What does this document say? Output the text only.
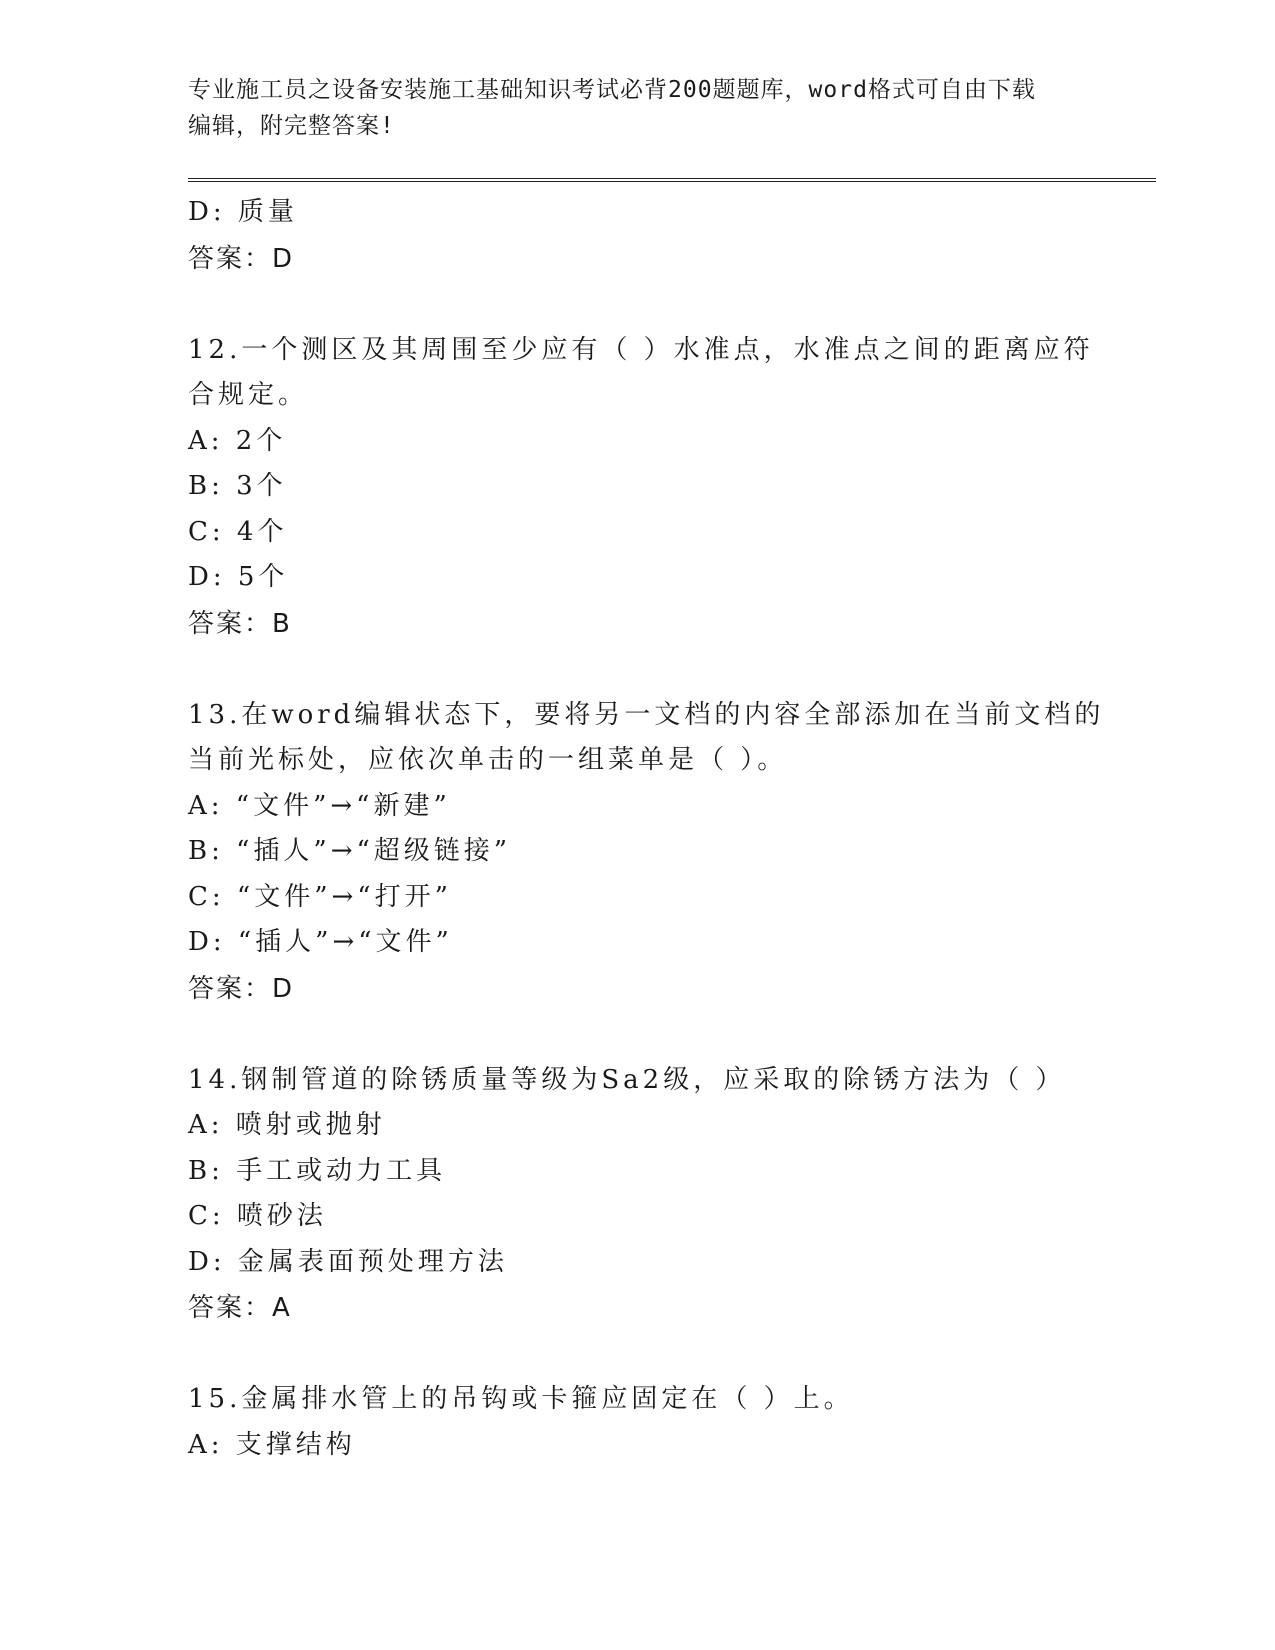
专业施工员之设备安装施工基础知识考试必背200题题库，word格式可自由下载
编辑，附完整答案!
D: 质量
答案：D
12.一个测区及其周围至少应有（ ）水准点，水准点之间的距离应符
合规定。
A: 2个
B: 3个
C: 4个
D: 5个
答案：B
13.在word编辑状态下，要将另一文档的内容全部添加在当前文档的
当前光标处，应依次单击的一组菜单是（ ）。
A: “文件”→“新建”
B: “插人”→“超级链接”
C: “文件”→“打开”
D: “插人”→“文件”
答案：D
14.钢制管道的除锈质量等级为Sa2级，应采取的除锈方法为（ ）
A: 喷射或抛射
B: 手工或动力工具
C: 喷砂法
D: 金属表面预处理方法
答案：A
15.金属排水管上的吊钩或卡箍应固定在（ ）上。
A: 支撑结构
